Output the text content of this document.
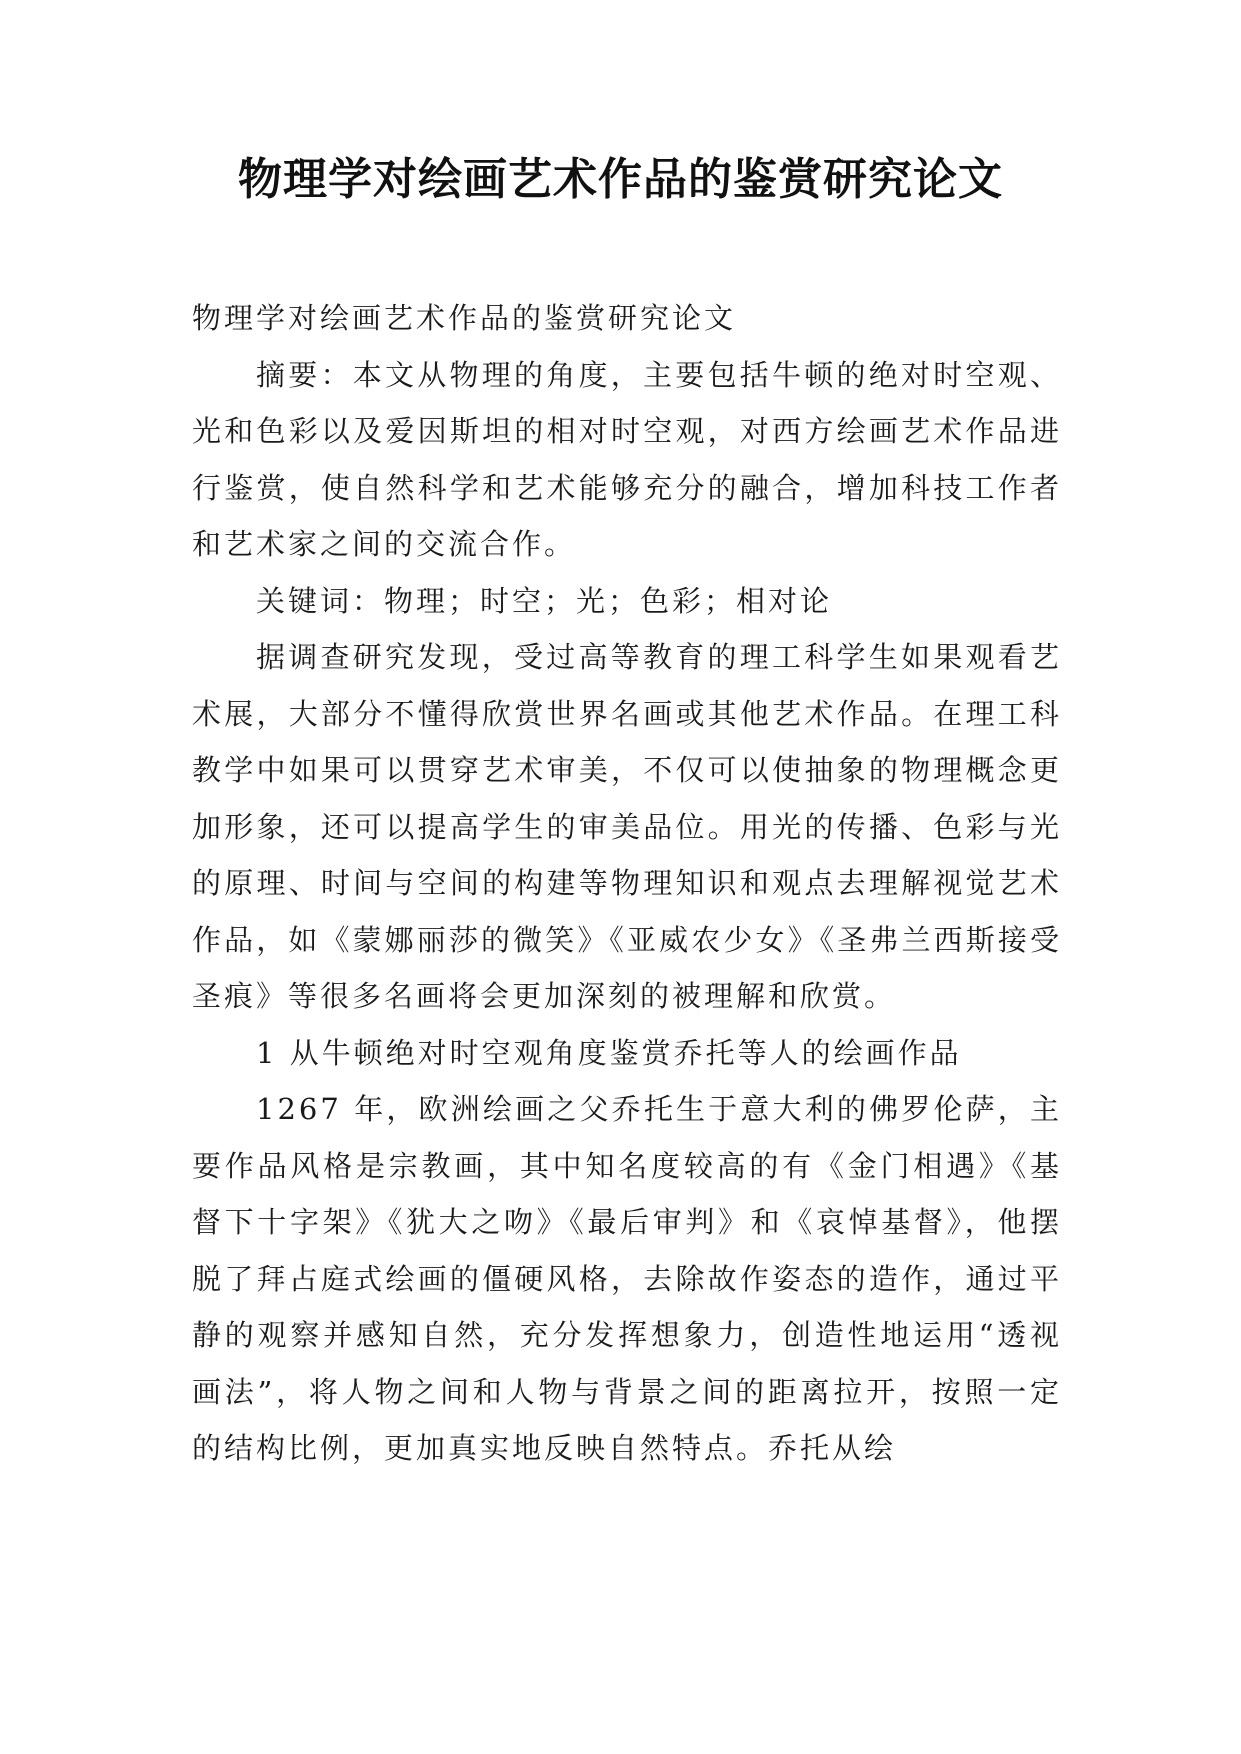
物理学对绘画艺术作品的鉴赏研究论文

物理学对绘画艺术作品的鉴赏研究论文

摘要：本文从物理的角度，主要包括牛顿的绝对时空观、光和色彩以及爱因斯坦的相对时空观，对西方绘画艺术作品进行鉴赏，使自然科学和艺术能够充分的融合，增加科技工作者和艺术家之间的交流合作。

关键词：物理；时空；光；色彩；相对论

据调查研究发现，受过高等教育的理工科学生如果观看艺术展，大部分不懂得欣赏世界名画或其他艺术作品。在理工科教学中如果可以贯穿艺术审美，不仅可以使抽象的物理概念更加形象，还可以提高学生的审美品位。用光的传播、色彩与光的原理、时间与空间的构建等物理知识和观点去理解视觉艺术作品，如《蒙娜丽莎的微笑》《亚威农少女》《圣弗兰西斯接受圣痕》等很多名画将会更加深刻的被理解和欣赏。

1 从牛顿绝对时空观角度鉴赏乔托等人的绘画作品

1267 年，欧洲绘画之父乔托生于意大利的佛罗伦萨，主要作品风格是宗教画，其中知名度较高的有《金门相遇》《基督下十字架》《犹大之吻》《最后审判》和《哀悼基督》，他摆脱了拜占庭式绘画的僵硬风格，去除故作姿态的造作，通过平静的观察并感知自然，充分发挥想象力，创造性地运用“透视画法”，将人物之间和人物与背景之间的距离拉开，按照一定的结构比例，更加真实地反映自然特点。乔托从绘
